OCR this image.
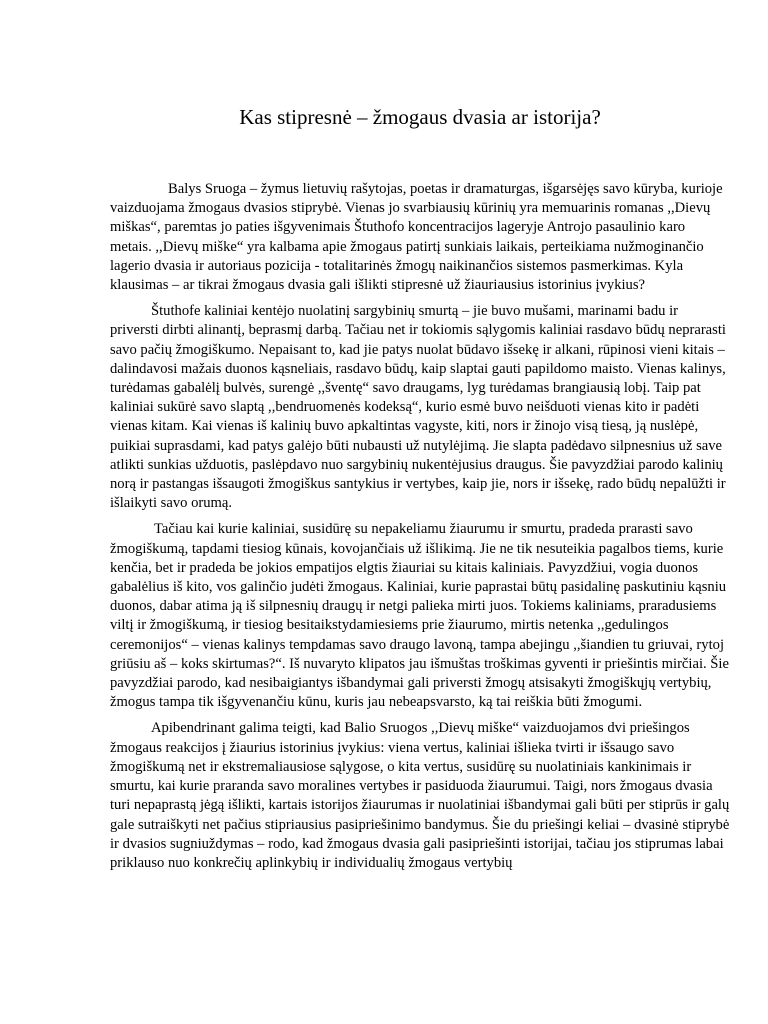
Kas stipresnė – žmogaus dvasia ar istorija?

Balys Sruoga – žymus lietuvių rašytojas, poetas ir dramaturgas, išgarsėjęs savo kūryba, kurioje vaizduojama žmogaus dvasios stiprybė. Vienas jo svarbiausių kūrinių yra memuarinis romanas ,,Dievų miškas“, paremtas jo paties išgyvenimais Štuthofo koncentracijos lageryje Antrojo pasaulinio karo metais. ,,Dievų miške“ yra kalbama apie žmogaus patirtį sunkiais laikais, perteikiama nužmoginančio lagerio dvasia ir autoriaus pozicija - totalitarinės žmogų naikinančios sistemos pasmerkimas. Kyla klausimas – ar tikrai žmogaus dvasia gali išlikti stipresnė už žiauriausius istorinius įvykius?

Štuthofe kaliniai kentėjo nuolatinį sargybinių smurtą – jie buvo mušami, marinami badu ir priversti dirbti alinantį, beprasmį darbą. Tačiau net ir tokiomis sąlygomis kaliniai rasdavo būdų neprarasti savo pačių žmogiškumo. Nepaisant to, kad jie patys nuolat būdavo išsekę ir alkani, rūpinosi vieni kitais – dalindavosi mažais duonos kąsneliais, rasdavo būdų, kaip slaptai gauti papildomo maisto. Vienas kalinys, turėdamas gabalėlį bulvės, surengė ,,šventę“ savo draugams, lyg turėdamas brangiausią lobį. Taip pat kaliniai sukūrė savo slaptą ,,bendruomenės kodeksą“, kurio esmė buvo neišduoti vienas kito ir padėti vienas kitam. Kai vienas iš kalinių buvo apkaltintas vagyste, kiti, nors ir žinojo visą tiesą, ją nuslėpė, puikiai suprasdami, kad patys galėjo būti nubausti už nutylėjimą. Jie slapta padėdavo silpnesnius už save atlikti sunkias užduotis, paslėpdavo nuo sargybinių nukentėjusius draugus. Šie pavyzdžiai parodo kalinių norą ir pastangas išsaugoti žmogiškus santykius ir vertybes, kaip jie, nors ir išsekę, rado būdų nepalūžti ir išlaikyti savo orumą.

Tačiau kai kurie kaliniai, susidūrę su nepakeliamu žiaurumu ir smurtu, pradeda prarasti savo žmogiškumą, tapdami tiesiog kūnais, kovojančiais už išlikimą. Jie ne tik nesuteikia pagalbos tiems, kurie kenčia, bet ir pradeda be jokios empatijos elgtis žiauriai su kitais kaliniais. Pavyzdžiui, vogia duonos gabalėlius iš kito, vos galinčio judėti žmogaus. Kaliniai, kurie paprastai būtų pasidalinę paskutiniu kąsniu duonos, dabar atima ją iš silpnesnių draugų ir netgi palieka mirti juos. Tokiems kaliniams, praradusiems viltį ir žmogiškumą, ir tiesiog besitaikstydamiesiems prie žiaurumo, mirtis netenka ,,gedulingos ceremonijos“ – vienas kalinys tempdamas savo draugo lavoną, tampa abejingu ,,šiandien tu griuvai, rytoj griūsiu aš – koks skirtumas?“. Iš nuvaryto klipatos jau išmuštas troškimas gyventi ir priešintis mirčiai. Šie pavyzdžiai parodo, kad nesibaigiantys išbandymai gali priversti žmogų atsisakyti žmogiškųjų vertybių, žmogus tampa tik išgyvenančiu kūnu, kuris jau nebeapsvarsto, ką tai reiškia būti žmogumi.

Apibendrinant galima teigti, kad Balio Sruogos ,,Dievų miške“ vaizduojamos dvi priešingos žmogaus reakcijos į žiaurius istorinius įvykius: viena vertus, kaliniai išlieka tvirti ir išsaugo savo žmogiškumą net ir ekstremaliausiose sąlygose, o kita vertus, susidūrę su nuolatiniais kankinimais ir smurtu, kai kurie praranda savo moralines vertybes ir pasiduoda žiaurumui. Taigi, nors žmogaus dvasia turi nepaprastą jėgą išlikti, kartais istorijos žiaurumas ir nuolatiniai išbandymai gali būti per stiprūs ir galų gale sutraiškyti net pačius stipriausius pasipriešinimo bandymus. Šie du priešingi keliai – dvasinė stiprybė ir dvasios sugniuždymas – rodo, kad žmogaus dvasia gali pasipriešinti istorijai, tačiau jos stiprumas labai priklauso nuo konkrečių aplinkybių ir individualių žmogaus vertybių
